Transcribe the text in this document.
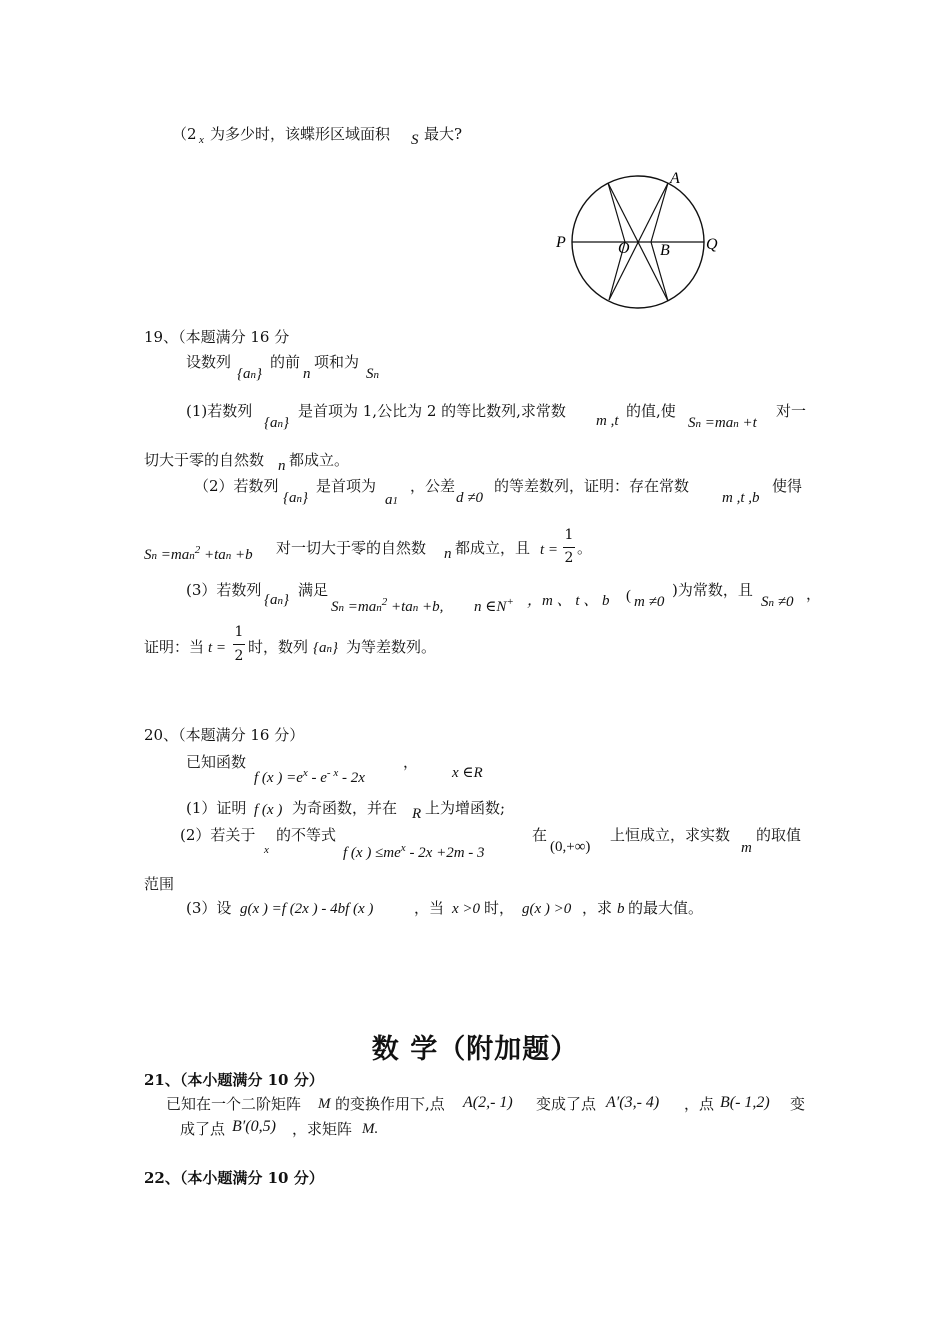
（2 x 为多少时，该蝶形区域面积 S 最大?
A
P	O B Q
19、（本题满分 16 分
设数列
{an}
的前
n
项和为
Sn
(1)若数列
{an}
是首项为 1,公比为 2 的等比数列,求常数
m ,t
的值,使
Sn =man +t
对一
切大于零的自然数 n 都成立。
（2）若数列
{an}
是首项为
a1
，公差
d ≠0
的等差数列，证明：存在常数
m ,t ,b
使得
Sn =man$^2$ +tan +b 对一切大于零的自然数 n 都成立，且 t =
1
2
。
(3）若数列
{an}
满足
Sn =man$^2$ +tan +b, n ∈N+ ，m 、 t 、 b ( m ≠0
)为常数，且
Sn ≠0 ，
证明：当 t =
1
2 时，数列 {an} 为等差数列。
20、（本题满分 16 分）
已知函数
f (x ) $=e^x - e^{- x} - 2x$
，
x ∈R
(1）证明 f (x ) 为奇函数，并在 R 上为增函数;
(2）若关于
x
的不等式
f (x ) $\le me^x - 2x +2m - 3$
在
(0,+∞)
上恒成立，求实数
m
的取值
范围
(3）设 g(x ) =f (2x ) - 4bf (x )	，当 x >0 时， g(x ) >0 ，求 b 的最大值。
数 学（附加题）
21、（本小题满分 10 分）
已知在一个二阶矩阵 M 的变换作用下,点 A(2,- 1) 变成了点 A′(3,- 4) ，点 B(- 1,2) 变
成了点 B′(0,5) ，求矩阵 M.
22、（本小题满分 10 分）
